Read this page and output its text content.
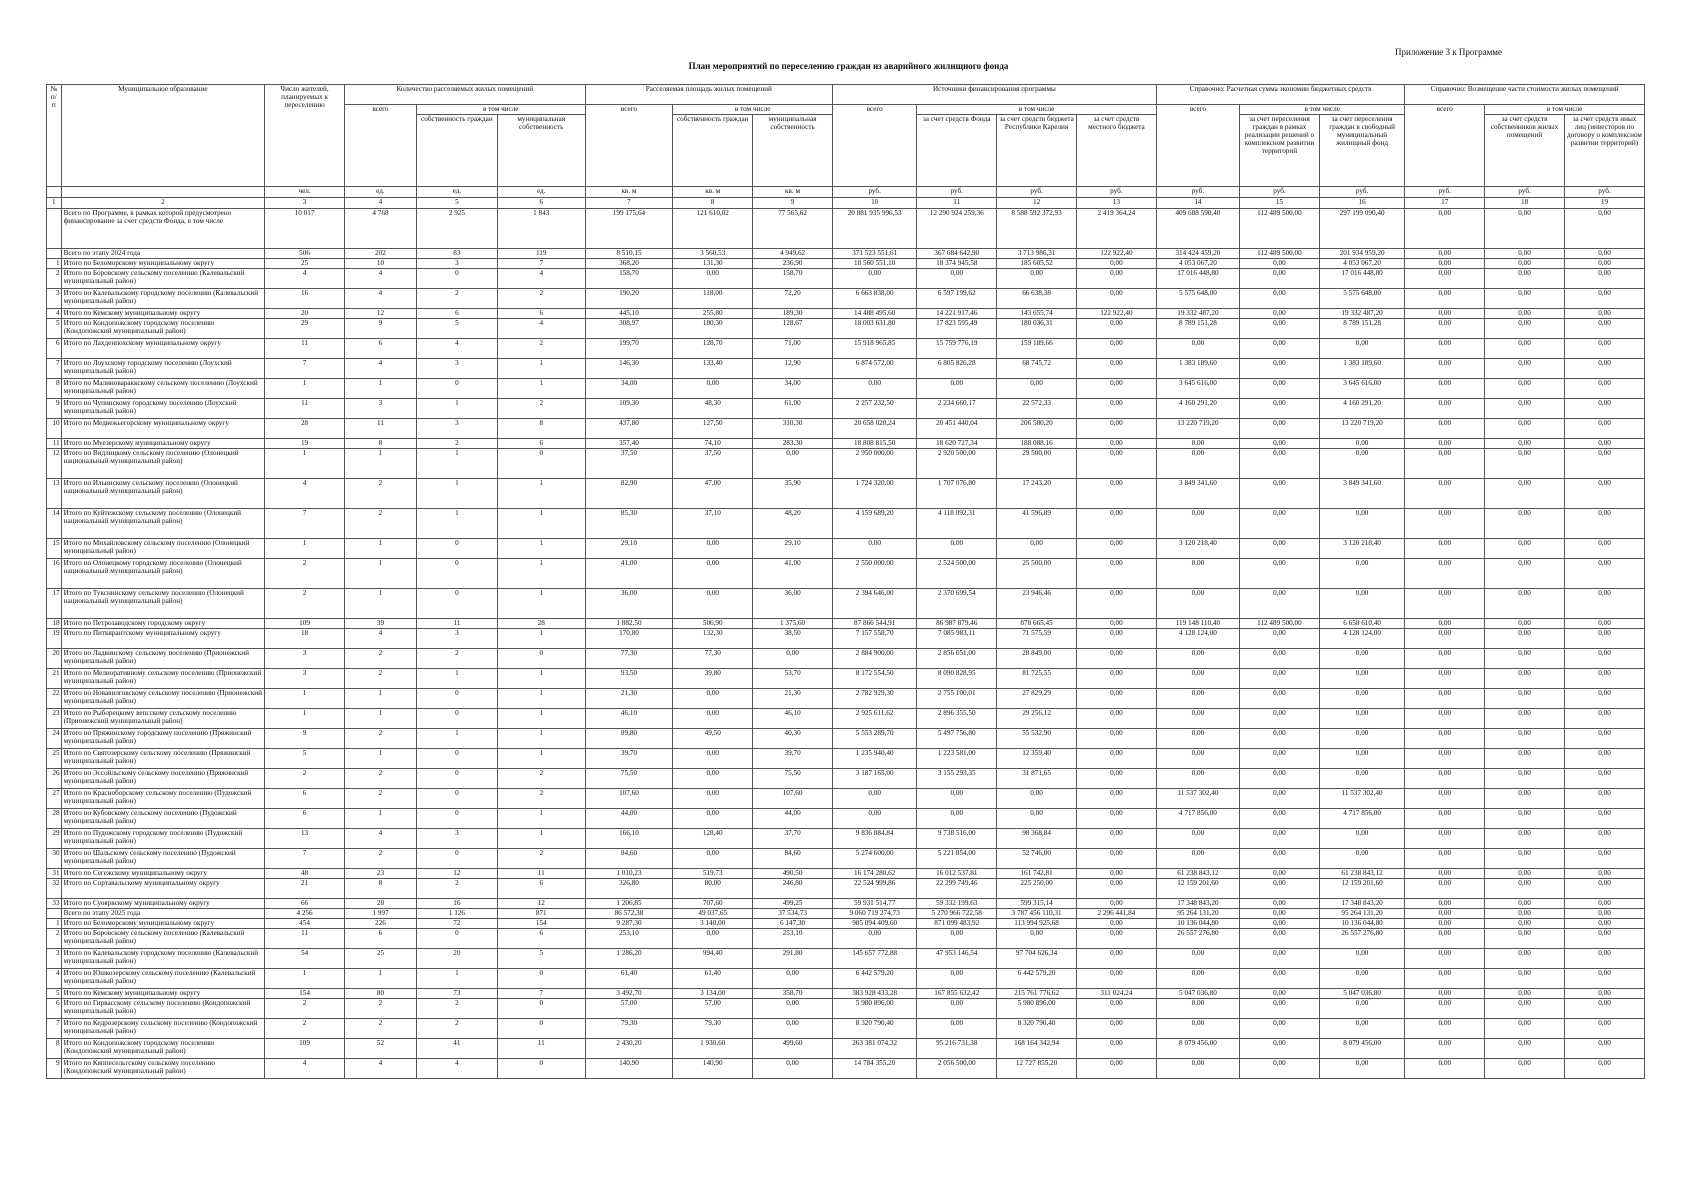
Приложение 3 к Программе
План мероприятий по переселению граждан из аварийного жилищного фонда
№ п/п	Муниципальное образование	Число жителей, планируемых к переселению	Количество расселяемых жилых помещений			Расселяемая площадь жилых помещений			Источники финансирования программы				Справочно: Расчетная сумма экономии бюджетных средств			Справочно: Возмещение части стоимости жилых помещений		
			всего	в том числе		всего	в том числе		всего	в том числе			всего	в том числе		всего	в том числе	
				собственность граждан	муниципальная собственность		собственность граждан	муниципальная собственность		за счет средств Фонда	за счет средств бюджета Республики Карелия	за счет средств местного бюджета		за счет переселения граждан в рамках реализации решений о комплексном развитии территорий	за счет переселения граждан в свободный муниципальный жилищный фонд		за счет средств собственников жилых помещений	за счет средств иных лиц (инвесторов по договору о комплексном развитии территорий)
		чел.	ед.	ед.	ед.	кв. м	кв. м	кв. м	руб.	руб.	руб.	руб.	руб.	руб.	руб.	руб.	руб.	руб.
1	2	3	4	5	6	7	8	9	10	11	12	13	14	15	16	17	18	19
	Всего по Программе, в рамках которой предусмотрено финансирование за счет средств Фонда, в том числе	10 017	4 768	2 925	1 843	199 175,64	121 610,02	77 565,62	20 881 935 996,53	12 290 924 259,36	8 588 592 372,93	2 419 364,24	409 688 590,40	112 489 500,00	297 199 090,40	0,00	0,00	0,00
	Всего по этапу 2024 года	506	202	83	119	8 510,15	3 560,53	4 949,62	371 523 551,61	367 684 642,90	3 713 986,31	122 922,40	314 424 459,20	112 489 500,00	201 934 959,20	0,00	0,00	0,00
1	Итого по Беломорскому муниципальному округу	25	10	3	7	368,20	131,30	236,90	18 560 551,10	18 374 945,58	185 605,52	0,00	4 053 067,20	0,00	4 053 067,20	0,00	0,00	0,00
2	Итого по Боровскому сельскому поселению (Калевальский муниципальный район)	4	4	0	4	158,70	0,00	158,70	0,00	0,00	0,00	0,00	17 016 448,80	0,00	17 016 448,80	0,00	0,00	0,00
3	Итого по Калевальскому городскому поселению (Калевальский муниципальный район)	16	4	2	2	190,20	118,00	72,20	6 663 838,00	6 597 199,62	66 638,38	0,00	5 575 648,00	0,00	5 575 648,00	0,00	0,00	0,00
4	Итого по Кемскому муниципальному округу	20	12	6	6	445,10	255,80	189,30	14 488 495,60	14 221 917,46	143 655,74	122 922,40	19 332 487,20	0,00	19 332 487,20	0,00	0,00	0,00
5	Итого по Кондопожскому городскому поселению (Кондопожский муниципальный район)	29	9	5	4	308,97	180,30	128,67	18 003 631,80	17 823 595,49	180 036,31	0,00	8 789 151,28	0,00	8 789 151,28	0,00	0,00	0,00
6	Итого по Лахденпохскому муниципальному округу	11	6	4	2	199,70	128,70	71,00	15 918 965,85	15 759 776,19	159 189,66	0,00	0,00	0,00	0,00	0,00	0,00	0,00
7	Итого по Лоухскому городскому поселению (Лоухский муниципальный район)	7	4	3	1	146,30	133,40	12,90	6 874 572,00	6 805 826,28	68 745,72	0,00	1 383 189,60	0,00	1 383 189,60	0,00	0,00	0,00
8	Итого по Малиновараккскому сельскому поселению (Лоухский муниципальный район)	1	1	0	1	34,00	0,00	34,00	0,00	0,00	0,00	0,00	3 645 616,00	0,00	3 645 616,00	0,00	0,00	0,00
9	Итого по Чупинскому городскому поселению (Лоухский муниципальный район)	11	3	1	2	109,30	48,30	61,00	2 257 232,50	2 234 660,17	22 572,33	0,00	4 160 291,20	0,00	4 160 291,20	0,00	0,00	0,00
10	Итого по Медвежьегорскому муниципальному округу	28	11	3	8	437,80	127,50	310,30	20 658 020,24	20 451 440,04	206 580,20	0,00	13 220 719,20	0,00	13 220 719,20	0,00	0,00	0,00
11	Итого по Муезерскому муниципальному округу	19	8	2	6	357,40	74,10	283,30	18 808 815,50	18 620 727,34	188 088,16	0,00	0,00	0,00	0,00	0,00	0,00	0,00
12	Итого по Видлицкому сельскому поселению (Олонецкий национальный муниципальный район)	1	1	1	0	37,50	37,50	0,00	2 950 000,00	2 920 500,00	29 500,00	0,00	0,00	0,00	0,00	0,00	0,00	0,00
13	Итого по Ильинскому сельскому поселению (Олонецкий национальный муниципальный район)	4	2	1	1	82,90	47,00	35,90	1 724 320,00	1 707 076,80	17 243,20	0,00	3 849 341,60	0,00	3 849 341,60	0,00	0,00	0,00
14	Итого по Куйтежскому сельскому поселению (Олонецкий национальный муниципальный район)	7	2	1	1	85,30	37,10	48,20	4 159 689,20	4 118 092,31	41 596,89	0,00	0,00	0,00	0,00	0,00	0,00	0,00
15	Итого по Михайловскому сельскому поселению (Олонецкий муниципальный район)	1	1	0	1	29,10	0,00	29,10	0,00	0,00	0,00	0,00	3 120 218,40	0,00	3 120 218,40	0,00	0,00	0,00
16	Итого по Олонецкому городскому поселению (Олонецкий национальный муниципальный район)	2	1	0	1	41,00	0,00	41,00	2 550 000,00	2 524 500,00	25 500,00	0,00	0,00	0,00	0,00	0,00	0,00	0,00
17	Итого по Тукснинскому сельскому поселению (Олонецкий национальный муниципальный район)	2	1	0	1	36,00	0,00	36,00	2 394 646,00	2 370 699,54	23 946,46	0,00	0,00	0,00	0,00	0,00	0,00	0,00
18	Итого по Петрозаводскому городскому округу	109	39	11	28	1 882,50	506,90	1 375,60	87 866 544,91	86 987 879,46	878 665,45	0,00	119 148 110,40	112 489 500,00	6 658 610,40	0,00	0,00	0,00
19	Итого по Питкярантскому муниципальному округу	18	4	3	1	170,80	132,30	38,50	7 157 558,70	7 085 983,11	71 575,59	0,00	4 128 124,00	0,00	4 128 124,00	0,00	0,00	0,00
20	Итого по Ладвинскому сельскому поселению (Прионежский муниципальный район)	3	2	2	0	77,30	77,30	0,00	2 884 900,00	2 856 051,00	28 849,00	0,00	0,00	0,00	0,00	0,00	0,00	0,00
21	Итого по Мелиоративному сельскому поселению (Прионежский муниципальный район)	3	2	1	1	93,50	39,80	53,70	8 172 554,50	8 090 828,95	81 725,55	0,00	0,00	0,00	0,00	0,00	0,00	0,00
22	Итого по Новавилговскому сельскому поселению (Прионежский муниципальный район)	1	1	0	1	21,30	0,00	21,30	2 782 929,30	2 755 100,01	27 829,29	0,00	0,00	0,00	0,00	0,00	0,00	0,00
23	Итого по Рыборецкому вепсскому сельскому поселению (Прионежский муниципальный район)	1	1	0	1	46,10	0,00	46,10	2 925 611,62	2 896 355,50	29 256,12	0,00	0,00	0,00	0,00	0,00	0,00	0,00
24	Итого по Пряжинскому городскому поселению (Пряжинский муниципальный район)	9	2	1	1	89,80	49,50	40,30	5 553 289,70	5 497 756,80	55 532,90	0,00	0,00	0,00	0,00	0,00	0,00	0,00
25	Итого по Святозерскому сельскому поселению (Пряжинский муниципальный район)	5	1	0	1	39,70	0,00	39,70	1 235 940,40	1 223 581,00	12 359,40	0,00	0,00	0,00	0,00	0,00	0,00	0,00
26	Итого по Эссойльскому сельскому поселению (Пряжинский муниципальный район)	2	2	0	2	75,50	0,00	75,50	3 187 165,00	3 155 293,35	31 871,65	0,00	0,00	0,00	0,00	0,00	0,00	0,00
27	Итого по Красноборскому сельскому поселению (Пудожский муниципальный район)	6	2	0	2	107,60	0,00	107,60	0,00	0,00	0,00	0,00	11 537 302,40	0,00	11 537 302,40	0,00	0,00	0,00
28	Итого по Кубовскому сельскому поселению (Пудожский муниципальный район)	6	1	0	1	44,00	0,00	44,00	0,00	0,00	0,00	0,00	4 717 856,00	0,00	4 717 856,00	0,00	0,00	0,00
29	Итого по Пудожскому городскому поселению (Пудожский муниципальный район)	13	4	3	1	166,10	128,40	37,70	9 836 884,84	9 738 516,00	98 368,84	0,00	0,00	0,00	0,00	0,00	0,00	0,00
30	Итого по Шальскому сельскому поселению (Пудожский муниципальный район)	7	2	0	2	84,60	0,00	84,60	5 274 600,00	5 221 854,00	52 746,00	0,00	0,00	0,00	0,00	0,00	0,00	0,00
31	Итого по Сегежскому муниципальному округу	48	23	12	11	1 010,23	519,73	490,50	16 174 280,62	16 012 537,81	161 742,81	0,00	61 238 843,12	0,00	61 238 843,12	0,00	0,00	0,00
32	Итого по Сортавальскому муниципальному округу	21	8	2	6	326,80	80,00	246,80	22 524 999,86	22 299 749,46	225 250,00	0,00	12 159 201,60	0,00	12 159 201,60	0,00	0,00	0,00
33	Итого по Суоярвскому муниципальному округу	66	28	16	12	1 206,85	707,60	499,25	59 931 514,77	59 332 199,63	599 315,14	0,00	17 348 843,20	0,00	17 348 843,20	0,00	0,00	0,00
	Всего по этапу 2025 года	4 256	1 997	1 126	871	86 572,38	49 037,65	37 534,73	9 060 719 274,73	5 270 966 722,58	3 787 456 110,31	2 296 441,84	95 264 131,20	0,00	95 264 131,20	0,00	0,00	0,00
1	Итого по Беломорскому муниципальному округу	454	226	72	154	9 287,30	3 140,00	6 147,30	985 094 409,60	871 099 483,92	113 994 925,68	0,00	10 136 044,80	0,00	10 136 044,80	0,00	0,00	0,00
2	Итого по Боровскому сельскому поселению (Калевальский муниципальный район)	11	6	0	6	253,10	0,00	253,10	0,00	0,00	0,00	0,00	26 557 276,80	0,00	26 557 276,80	0,00	0,00	0,00
3	Итого по Калевальскому городскому поселению (Калевальский муниципальный район)	54	25	20	5	1 286,20	994,40	291,80	145 657 772,88	47 953 146,54	97 704 626,34	0,00	0,00	0,00	0,00	0,00	0,00	0,00
4	Итого по Юшкозерскому сельскому поселению (Калевальский муниципальный район)	1	1	1	0	61,40	61,40	0,00	6 442 579,20	0,00	6 442 579,20	0,00	0,00	0,00	0,00	0,00	0,00	0,00
5	Итого по Кемскому муниципальному округу	154	80	73	7	3 492,70	3 134,00	358,70	383 928 433,28	167 855 632,42	215 761 776,62	311 024,24	5 047 036,80	0,00	5 047 036,80	0,00	0,00	0,00
6	Итого по Гирвасскому сельскому поселению (Кондопожский муниципальный район)	2	2	2	0	57,00	57,00	0,00	5 980 896,00	0,00	5 980 896,00	0,00	0,00	0,00	0,00	0,00	0,00	0,00
7	Итого по Кедрозерскому сельскому поселению (Кондопожский муниципальный район)	2	2	2	0	79,30	79,30	0,00	8 320 790,40	0,00	8 320 790,40	0,00	0,00	0,00	0,00	0,00	0,00	0,00
8	Итого по Кондопожскому городскому поселению (Кондопожский муниципальный район)	109	52	41	11	2 430,20	1 930,60	499,60	263 381 074,32	95 216 731,38	168 164 342,94	0,00	8 079 456,00	0,00	8 079 456,00	0,00	0,00	0,00
9	Итого по Кяппесельгскому сельскому поселению (Кондопожский муниципальный район)	4	4	4	0	140,90	140,90	0,00	14 784 355,20	2 056 500,00	12 727 855,20	0,00	0,00	0,00	0,00	0,00	0,00	0,00
